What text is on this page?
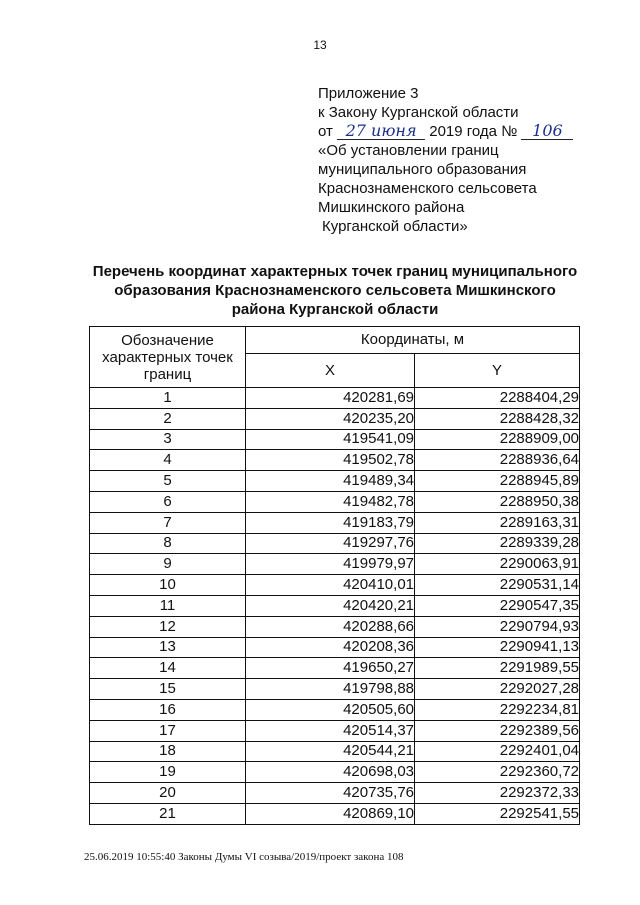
13
Приложение 3
к Закону Курганской области
от 27 июня 2019 года № 106
«Об установлении границ
муниципального образования
Краснознаменского сельсовета
Мишкинского района
Курганской области»
Перечень координат характерных точек границ муниципального
образования Краснознаменского сельсовета Мишкинского
района Курганской области
Обозначение характерных точек границ	Координаты, м	
	X	Y
1	420281,69	2288404,29
2	420235,20	2288428,32
3	419541,09	2288909,00
4	419502,78	2288936,64
5	419489,34	2288945,89
6	419482,78	2288950,38
7	419183,79	2289163,31
8	419297,76	2289339,28
9	419979,97	2290063,91
10	420410,01	2290531,14
11	420420,21	2290547,35
12	420288,66	2290794,93
13	420208,36	2290941,13
14	419650,27	2291989,55
15	419798,88	2292027,28
16	420505,60	2292234,81
17	420514,37	2292389,56
18	420544,21	2292401,04
19	420698,03	2292360,72
20	420735,76	2292372,33
21	420869,10	2292541,55
25.06.2019 10:55:40 Законы Думы VI созыва/2019/проект закона 108
